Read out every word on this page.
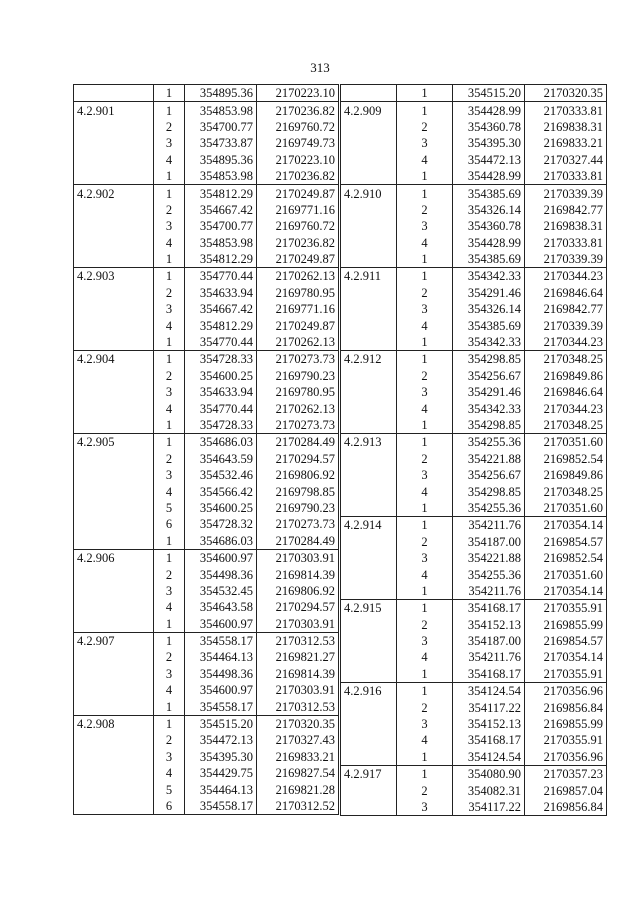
313
	1	354895.36	2170223.10
4.2.901	1	354853.98	2170236.82
	2	354700.77	2169760.72
	3	354733.87	2169749.73
	4	354895.36	2170223.10
	1	354853.98	2170236.82
4.2.902	1	354812.29	2170249.87
	2	354667.42	2169771.16
	3	354700.77	2169760.72
	4	354853.98	2170236.82
	1	354812.29	2170249.87
4.2.903	1	354770.44	2170262.13
	2	354633.94	2169780.95
	3	354667.42	2169771.16
	4	354812.29	2170249.87
	1	354770.44	2170262.13
4.2.904	1	354728.33	2170273.73
	2	354600.25	2169790.23
	3	354633.94	2169780.95
	4	354770.44	2170262.13
	1	354728.33	2170273.73
4.2.905	1	354686.03	2170284.49
	2	354643.59	2170294.57
	3	354532.46	2169806.92
	4	354566.42	2169798.85
	5	354600.25	2169790.23
	6	354728.32	2170273.73
	1	354686.03	2170284.49
4.2.906	1	354600.97	2170303.91
	2	354498.36	2169814.39
	3	354532.45	2169806.92
	4	354643.58	2170294.57
	1	354600.97	2170303.91
4.2.907	1	354558.17	2170312.53
	2	354464.13	2169821.27
	3	354498.36	2169814.39
	4	354600.97	2170303.91
	1	354558.17	2170312.53
4.2.908	1	354515.20	2170320.35
	2	354472.13	2170327.43
	3	354395.30	2169833.21
	4	354429.75	2169827.54
	5	354464.13	2169821.28
	6	354558.17	2170312.52
	1	354515.20	2170320.35
4.2.909	1	354428.99	2170333.81
	2	354360.78	2169838.31
	3	354395.30	2169833.21
	4	354472.13	2170327.44
	1	354428.99	2170333.81
4.2.910	1	354385.69	2170339.39
	2	354326.14	2169842.77
	3	354360.78	2169838.31
	4	354428.99	2170333.81
	1	354385.69	2170339.39
4.2.911	1	354342.33	2170344.23
	2	354291.46	2169846.64
	3	354326.14	2169842.77
	4	354385.69	2170339.39
	1	354342.33	2170344.23
4.2.912	1	354298.85	2170348.25
	2	354256.67	2169849.86
	3	354291.46	2169846.64
	4	354342.33	2170344.23
	1	354298.85	2170348.25
4.2.913	1	354255.36	2170351.60
	2	354221.88	2169852.54
	3	354256.67	2169849.86
	4	354298.85	2170348.25
	1	354255.36	2170351.60
4.2.914	1	354211.76	2170354.14
	2	354187.00	2169854.57
	3	354221.88	2169852.54
	4	354255.36	2170351.60
	1	354211.76	2170354.14
4.2.915	1	354168.17	2170355.91
	2	354152.13	2169855.99
	3	354187.00	2169854.57
	4	354211.76	2170354.14
	1	354168.17	2170355.91
4.2.916	1	354124.54	2170356.96
	2	354117.22	2169856.84
	3	354152.13	2169855.99
	4	354168.17	2170355.91
	1	354124.54	2170356.96
4.2.917	1	354080.90	2170357.23
	2	354082.31	2169857.04
	3	354117.22	2169856.84
